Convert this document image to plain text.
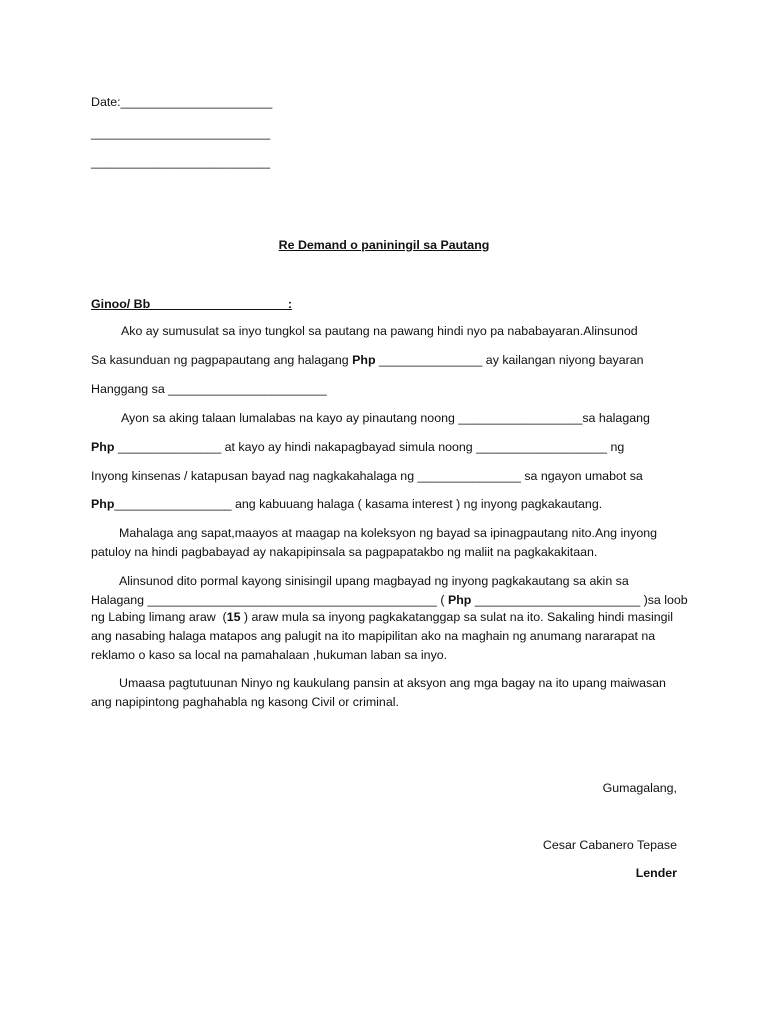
Date:______________________
__________________________
__________________________
Re Demand o paniningil sa Pautang
Ginoo/ Bb                                        :
Ako ay sumusulat sa inyo tungkol sa pautang na pawang hindi nyo pa nababayaran.Alinsunod
Sa kasunduan ng pagpapautang ang halagang Php _______________ ay kailangan niyong bayaran
Hanggang sa _______________________
Ayon sa aking talaan lumalabas na kayo ay pinautang noong __________________sa halagang
Php _______________ at kayo ay hindi nakapagbayad simula noong ___________________ ng
Inyong kinsenas / katapusan bayad nag nagkakahalaga ng _______________ sa ngayon umabot sa
Php_________________ ang kabuuang halaga ( kasama interest ) ng inyong pagkakautang.
Mahalaga ang sapat,maayos at maagap na koleksyon ng bayad sa ipinagpautang nito.Ang inyong
patuloy na hindi pagbabayad ay nakapipinsala sa pagpapatakbo ng maliit na pagkakakitaan.
Alinsunod dito pormal kayong sinisingil upang magbayad ng inyong pagkakautang sa akin sa
Halagang __________________________________________ ( Php ________________________ )sa loob
ng Labing limang araw  (15 ) araw mula sa inyong pagkakatanggap sa sulat na ito. Sakaling hindi masingil
ang nasabing halaga matapos ang palugit na ito mapipilitan ako na maghain ng anumang nararapat na
reklamo o kaso sa local na pamahalaan ,hukuman laban sa inyo.
Umaasa pagtutuunan Ninyo ng kaukulang pansin at aksyon ang mga bagay na ito upang maiwasan
ang napipintong paghahabla ng kasong Civil or criminal.
Gumagalang,
Cesar Cabanero Tepase
Lender
